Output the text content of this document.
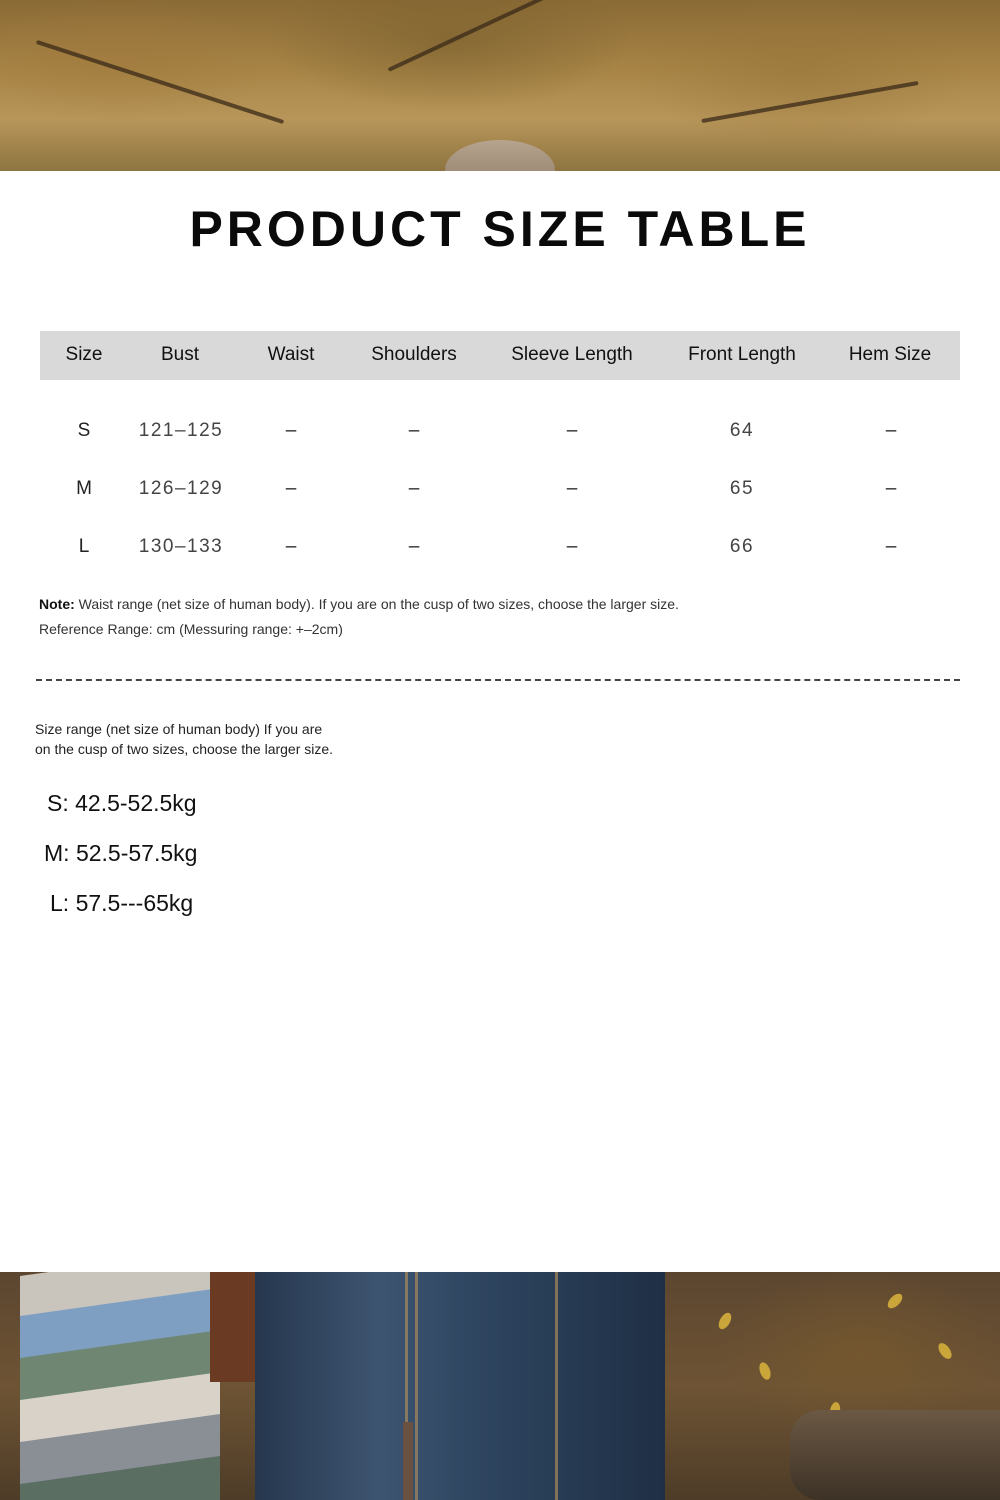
PRODUCT SIZE TABLE
Size	Bust	Waist	Shoulders	Sleeve Length	Front Length	Hem Size
S	121–125	–	–	–	64	–
M 126–129	–	–	–	65	–
L	130–133	–	–	–	66	–
Note: Waist range (net size of human body). If you are on the cusp of two sizes, choose the larger size.
Reference Range: cm (Messuring range: +–2cm)
Size range (net size of human body) If you are
on the cusp of two sizes, choose the larger size.
S: 42.5-52.5kg
M: 52.5-57.5kg
L: 57.5---65kg
